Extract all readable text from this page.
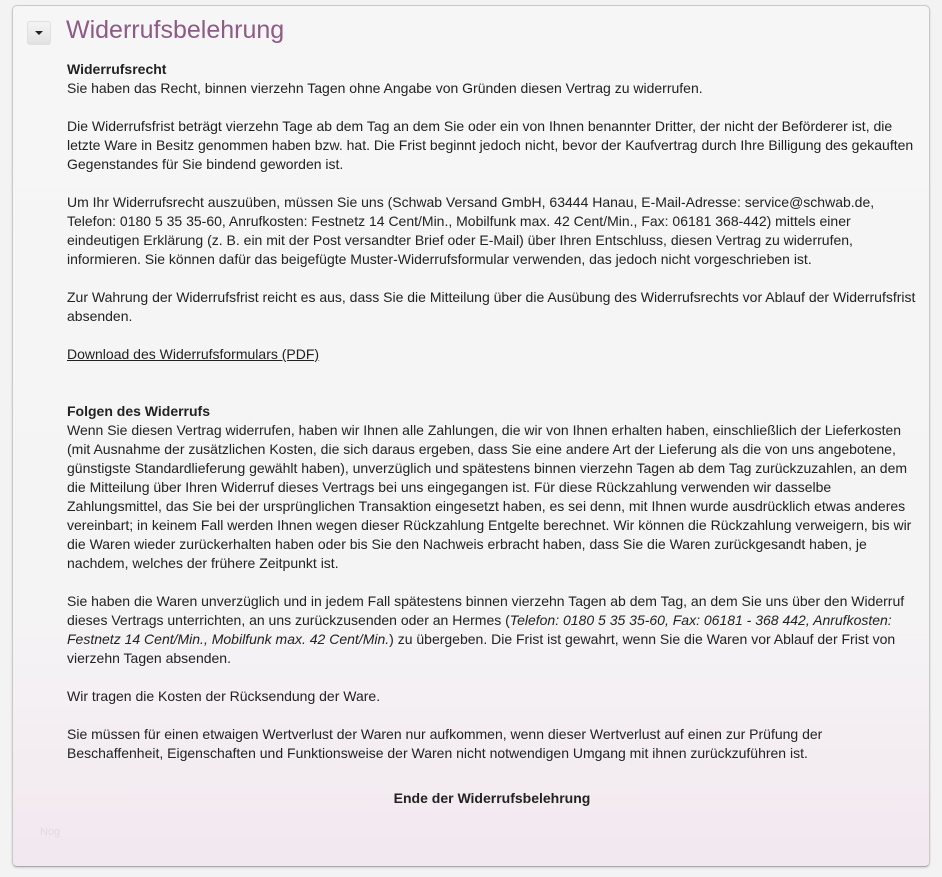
Widerrufsbelehrung
Widerrufsrecht

Sie haben das Recht, binnen vierzehn Tagen ohne Angabe von Gründen diesen Vertrag zu widerrufen.

Die Widerrufsfrist beträgt vierzehn Tage ab dem Tag an dem Sie oder ein von Ihnen benannter Dritter, der nicht der Beförderer ist, die letzte Ware in Besitz genommen haben bzw. hat. Die Frist beginnt jedoch nicht, bevor der Kaufvertrag durch Ihre Billigung des gekauften Gegenstandes für Sie bindend geworden ist.

Um Ihr Widerrufsrecht auszuüben, müssen Sie uns (Schwab Versand GmbH, 63444 Hanau, E-Mail-Adresse: service@schwab.de, Telefon: 0180 5 35 35-60, Anrufkosten: Festnetz 14 Cent/Min., Mobilfunk max. 42 Cent/Min., Fax: 06181 368-442) mittels einer eindeutigen Erklärung (z. B. ein mit der Post versandter Brief oder E-Mail) über Ihren Entschluss, diesen Vertrag zu widerrufen, informieren. Sie können dafür das beigefügte Muster-Widerrufsformular verwenden, das jedoch nicht vorgeschrieben ist.

Zur Wahrung der Widerrufsfrist reicht es aus, dass Sie die Mitteilung über die Ausübung des Widerrufsrechts vor Ablauf der Widerrufsfrist absenden.

Download des Widerrufsformulars (PDF)

Folgen des Widerrufs

Wenn Sie diesen Vertrag widerrufen, haben wir Ihnen alle Zahlungen, die wir von Ihnen erhalten haben, einschließlich der Lieferkosten (mit Ausnahme der zusätzlichen Kosten, die sich daraus ergeben, dass Sie eine andere Art der Lieferung als die von uns angebotene, günstigste Standardlieferung gewählt haben), unverzüglich und spätestens binnen vierzehn Tagen ab dem Tag zurückzuzahlen, an dem die Mitteilung über Ihren Widerruf dieses Vertrags bei uns eingegangen ist. Für diese Rückzahlung verwenden wir dasselbe Zahlungsmittel, das Sie bei der ursprünglichen Transaktion eingesetzt haben, es sei denn, mit Ihnen wurde ausdrücklich etwas anderes vereinbart; in keinem Fall werden Ihnen wegen dieser Rückzahlung Entgelte berechnet. Wir können die Rückzahlung verweigern, bis wir die Waren wieder zurückerhalten haben oder bis Sie den Nachweis erbracht haben, dass Sie die Waren zurückgesandt haben, je nachdem, welches der frühere Zeitpunkt ist.

Sie haben die Waren unverzüglich und in jedem Fall spätestens binnen vierzehn Tagen ab dem Tag, an dem Sie uns über den Widerruf dieses Vertrags unterrichten, an uns zurückzusenden oder an Hermes (Telefon: 0180 5 35 35-60, Fax: 06181 - 368 442, Anrufkosten: Festnetz 14 Cent/Min., Mobilfunk max. 42 Cent/Min.) zu übergeben. Die Frist ist gewahrt, wenn Sie die Waren vor Ablauf der Frist von vierzehn Tagen absenden.

Wir tragen die Kosten der Rücksendung der Ware.

Sie müssen für einen etwaigen Wertverlust der Waren nur aufkommen, wenn dieser Wertverlust auf einen zur Prüfung der Beschaffenheit, Eigenschaften und Funktionsweise der Waren nicht notwendigen Umgang mit ihnen zurückzuführen ist.

Ende der Widerrufsbelehrung
Nog
